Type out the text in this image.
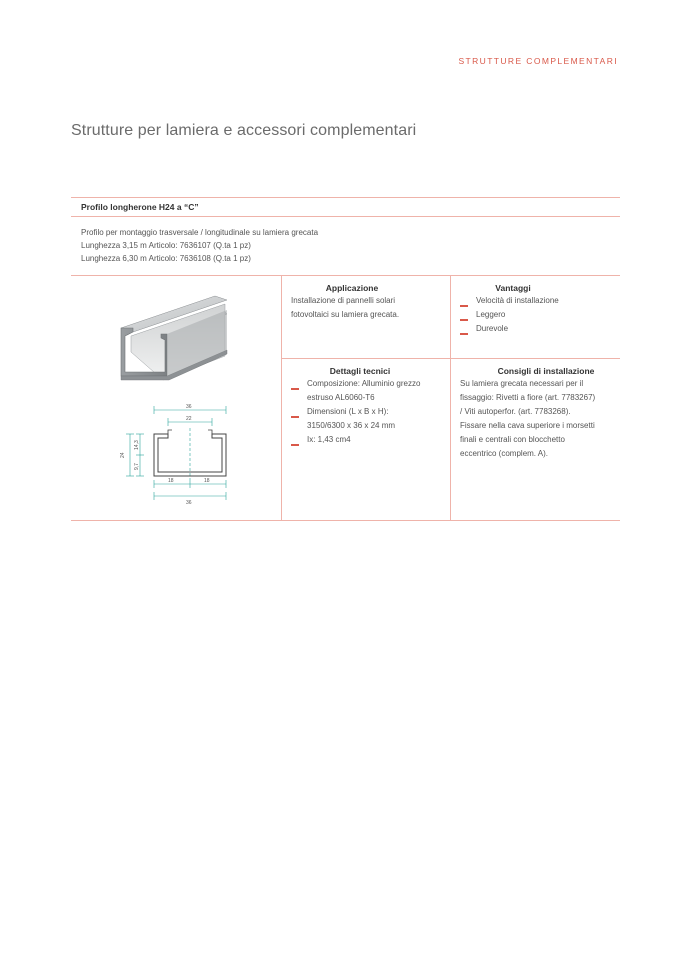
STRUTTURE COMPLEMENTARI
Strutture per lamiera e accessori complementari
Profilo longherone H24 a “C”
Profilo per montaggio trasversale / longitudinale su lamiera grecata
Lunghezza 3,15 m Articolo: 7636107 (Q.ta 1 pz)
Lunghezza 6,30 m Articolo: 7636108 (Q.ta 1 pz)
36
22
24
14,3
9,7
18	18
36
Applicazione
Installazione di pannelli solari
fotovoltaici su lamiera grecata.
Vantaggi
Velocità di installazione
Leggero
Durevole
Dettagli tecnici
Composizione: Alluminio grezzo
estruso AL6060-T6
Dimensioni (L x B x H):
3150/6300 x 36 x 24 mm
Ix: 1,43 cm4
Consigli di installazione
Su lamiera grecata necessari per il
fissaggio: Rivetti a fiore (art. 7783267)
/ Viti autoperfor. (art. 7783268).
Fissare nella cava superiore i morsetti
finali e centrali con blocchetto
eccentrico (complem. A).
